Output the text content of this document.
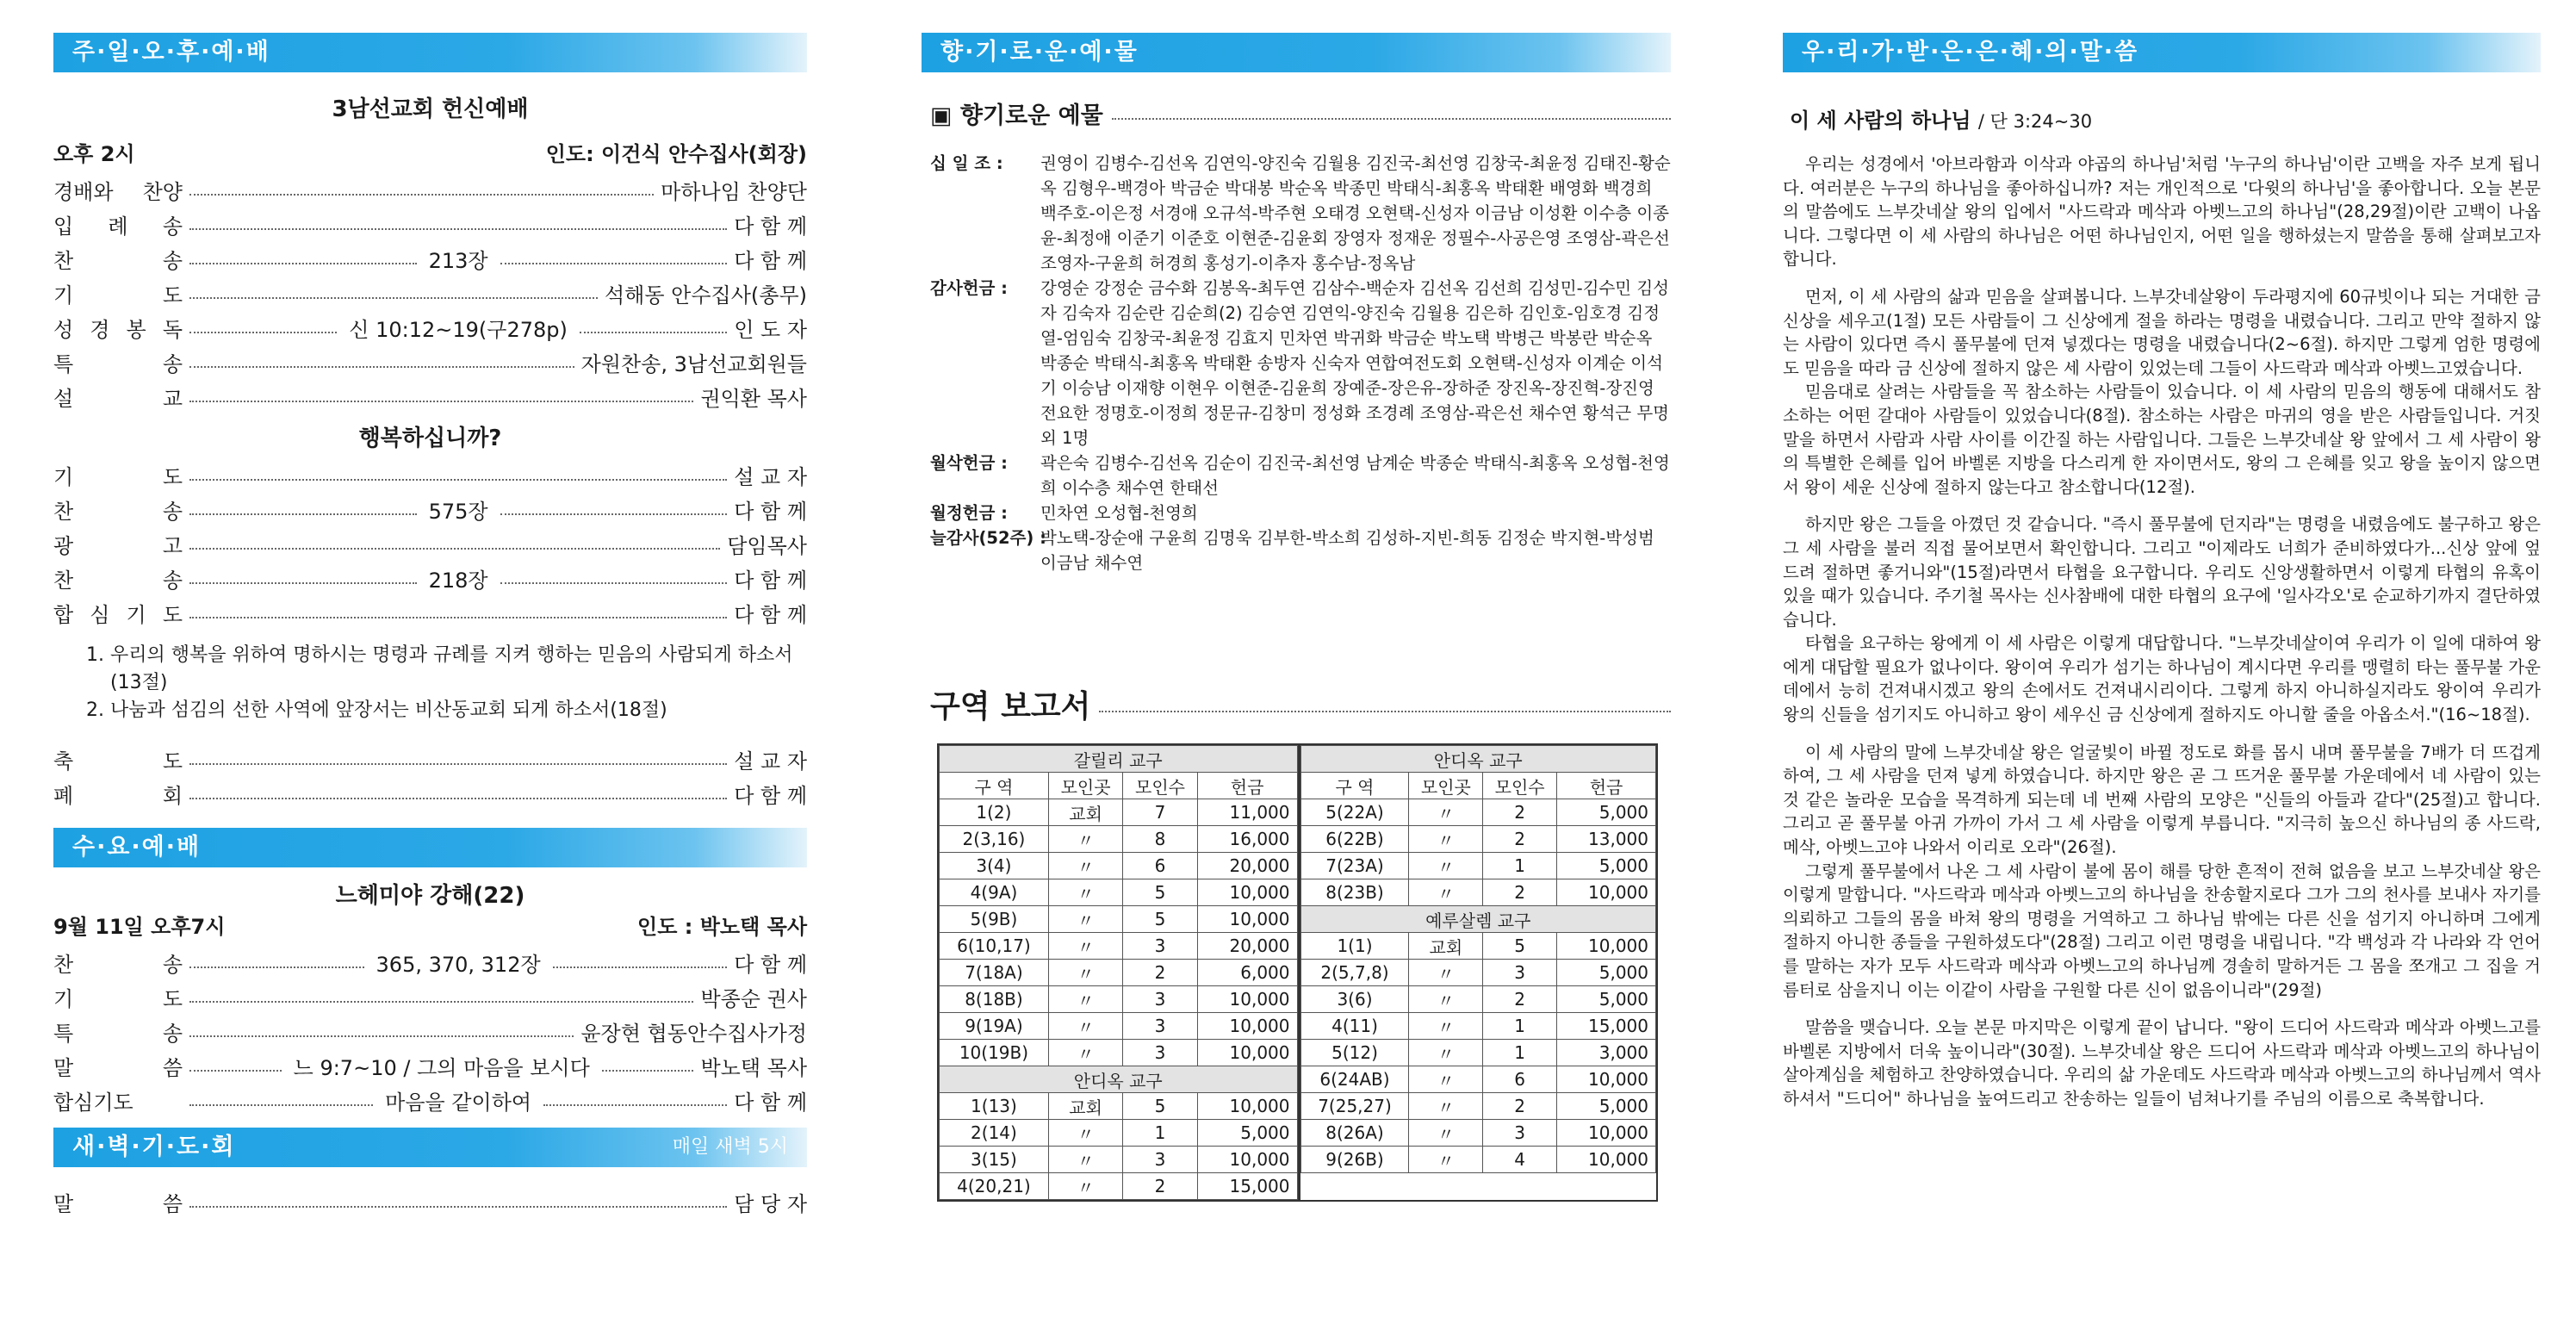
주·일·오·후·예·배
3남선교회 헌신예배
오후 2시	인도: 이건식 안수집사(회장)
경배와 찬양	마하나임 찬양단
입 례 송	다 함 께
찬 송	213장	다 함 께
기 도	석해동 안수집사(총무)
성 경 봉 독	신 10:12~19(구278p)	인 도 자
특 송	자원찬송, 3남선교회원들
설 교	권익환 목사
행복하십니까?
기 도	설 교 자
찬 송	575장	다 함 께
광 고	담임목사
찬 송	218장	다 함 께
합 심 기 도	다 함 께
1. 우리의 행복을 위하여 명하시는 명령과 규례를 지켜 행하는 믿음의 사람되게 하소서(13절)
2. 나눔과 섬김의 선한 사역에 앞장서는 비산동교회 되게 하소서(18절)
축 도	설 교 자
폐 회	다 함 께
수·요·예·배
느헤미야 강해(22)
9월 11일 오후7시	인도 : 박노택 목사
찬 송	365, 370, 312장	다 함 께
기 도	박종순 권사
특 송	윤장현 협동안수집사가정
말 씀	느 9:7~10 / 그의 마음을 보시다	박노택 목사
합심기도	마음을 같이하여	다 함 께
새·벽·기·도·회	매일 새벽 5시
말 씀	담 당 자
향·기·로·운·예·물
▣ 향기로운 예물
십 일 조 :	권영이 김병수-김선옥 김연익-양진숙 김월용 김진국-최선영 김창국-최윤정 김태진-황순옥 김형우-백경아 박금순 박대봉 박순옥 박종민 박태식-최홍옥 박태환 배영화 백경희 백주호-이은정 서경애 오규석-박주현 오태경 오현택-신성자 이금남 이성환 이수층 이종윤-최정애 이준기 이준호 이현준-김윤회 장영자 정재운 정필수-사공은영 조영삼-곽은선 조영자-구윤희 허경희 홍성기-이추자 홍수남-정옥남
감사헌금 :	강영순 강정순 금수화 김봉옥-최두연 김삼수-백순자 김선옥 김선희 김성민-김수민 김성자 김숙자 김순란 김순희(2) 김승연 김연익-양진숙 김월용 김은하 김인호-임호경 김정열-엄임숙 김창국-최윤정 김효지 민차연 박귀화 박금순 박노택 박병근 박봉란 박순옥 박종순 박태식-최홍옥 박태환 송방자 신숙자 연합여전도회 오현택-신성자 이계순 이석기 이승남 이재향 이현우 이현준-김윤희 장예준-장은유-장하준 장진옥-장진혁-장진영 전요한 정명호-이정희 정문규-김창미 정성화 조경례 조영삼-곽은선 채수연 황석근 무명 외 1명
월삭헌금 :	곽은숙 김병수-김선옥 김순이 김진국-최선영 남계순 박종순 박태식-최홍옥 오성협-천영희 이수층 채수연 한태선
월정헌금 :	민차연 오성협-천영희
늘감사(52주) :
박노택-장순애 구윤희 김명욱 김부한-박소희 김성하-지빈-희동 김정순 박지현-박성범 이금남 채수연
구역 보고서
갈릴리 교구			
구 역	모인곳	모인수	헌금
1(2)	교회	7	11,000
2(3,16)	〃	8	16,000
3(4)	〃	6	20,000
4(9A)	〃	5	10,000
5(9B)	〃	5	10,000
6(10,17)	〃	3	20,000
7(18A)	〃	2	6,000
8(18B)	〃	3	10,000
9(19A)	〃	3	10,000
10(19B)	〃	3	10,000
안디옥 교구			
1(13)	교회	5	10,000
2(14)	〃	1	5,000
3(15)	〃	3	10,000
4(20,21)	〃	2	15,000
안디옥 교구			
구 역	모인곳	모인수	헌금
5(22A)	〃	2	5,000
6(22B)	〃	2	13,000
7(23A)	〃	1	5,000
8(23B)	〃	2	10,000
예루살렘 교구			
1(1)	교회	5	10,000
2(5,7,8)	〃	3	5,000
3(6)	〃	2	5,000
4(11)	〃	1	15,000
5(12)	〃	1	3,000
6(24AB)	〃	6	10,000
7(25,27)	〃	2	5,000
8(26A)	〃	3	10,000
9(26B)	〃	4	10,000
우·리·가·받·은·은·혜·의·말·씀
이 세 사람의 하나님 / 단 3:24~30

우리는 성경에서 '아브라함과 이삭과 야곱의 하나님'처럼 '누구의 하나님'이란 고백을 자주 보게 됩니다. 여러분은 누구의 하나님을 좋아하십니까? 저는 개인적으로 '다윗의 하나님'을 좋아합니다. 오늘 본문의 말씀에도 느부갓네살 왕의 입에서 "사드락과 메삭과 아벳느고의 하나님"(28,29절)이란 고백이 나옵니다. 그렇다면 이 세 사람의 하나님은 어떤 하나님인지, 어떤 일을 행하셨는지 말씀을 통해 살펴보고자 합니다.

먼저, 이 세 사람의 삶과 믿음을 살펴봅니다. 느부갓네살왕이 두라평지에 60규빗이나 되는 거대한 금 신상을 세우고(1절) 모든 사람들이 그 신상에게 절을 하라는 명령을 내렸습니다. 그리고 만약 절하지 않는 사람이 있다면 즉시 풀무불에 던져 넣겠다는 명령을 내렸습니다(2~6절). 하지만 그렇게 엄한 명령에도 믿음을 따라 금 신상에 절하지 않은 세 사람이 있었는데 그들이 사드락과 메삭과 아벳느고였습니다.

믿음대로 살려는 사람들을 꼭 참소하는 사람들이 있습니다. 이 세 사람의 믿음의 행동에 대해서도 참소하는 어떤 갈대아 사람들이 있었습니다(8절). 참소하는 사람은 마귀의 영을 받은 사람들입니다. 거짓말을 하면서 사람과 사람 사이를 이간질 하는 사람입니다. 그들은 느부갓네살 왕 앞에서 그 세 사람이 왕의 특별한 은혜를 입어 바벨론 지방을 다스리게 한 자이면서도, 왕의 그 은혜를 잊고 왕을 높이지 않으면서 왕이 세운 신상에 절하지 않는다고 참소합니다(12절).

하지만 왕은 그들을 아꼈던 것 같습니다. "즉시 풀무불에 던지라"는 명령을 내렸음에도 불구하고 왕은 그 세 사람을 불러 직접 물어보면서 확인합니다. 그리고 "이제라도 너희가 준비하였다가...신상 앞에 엎드려 절하면 좋거니와"(15절)라면서 타협을 요구합니다. 우리도 신앙생활하면서 이렇게 타협의 유혹이 있을 때가 있습니다. 주기철 목사는 신사참배에 대한 타협의 요구에 '일사각오'로 순교하기까지 결단하였습니다.

타협을 요구하는 왕에게 이 세 사람은 이렇게 대답합니다. "느부갓네살이여 우리가 이 일에 대하여 왕에게 대답할 필요가 없나이다. 왕이여 우리가 섬기는 하나님이 계시다면 우리를 맹렬히 타는 풀무불 가운데에서 능히 건져내시겠고 왕의 손에서도 건져내시리이다. 그렇게 하지 아니하실지라도 왕이여 우리가 왕의 신들을 섬기지도 아니하고 왕이 세우신 금 신상에게 절하지도 아니할 줄을 아옵소서."(16~18절).

이 세 사람의 말에 느부갓네살 왕은 얼굴빛이 바뀔 정도로 화를 몹시 내며 풀무불을 7배가 더 뜨겁게 하여, 그 세 사람을 던져 넣게 하였습니다. 하지만 왕은 곧 그 뜨거운 풀무불 가운데에서 네 사람이 있는 것 같은 놀라운 모습을 목격하게 되는데 네 번째 사람의 모양은 "신들의 아들과 같다"(25절)고 합니다. 그리고 곧 풀무불 아귀 가까이 가서 그 세 사람을 이렇게 부릅니다. "지극히 높으신 하나님의 종 사드락, 메삭, 아벳느고야 나와서 이리로 오라"(26절).

그렇게 풀무불에서 나온 그 세 사람이 불에 몸이 해를 당한 흔적이 전혀 없음을 보고 느부갓네살 왕은 이렇게 말합니다. "사드락과 메삭과 아벳느고의 하나님을 찬송할지로다 그가 그의 천사를 보내사 자기를 의뢰하고 그들의 몸을 바쳐 왕의 명령을 거역하고 그 하나님 밖에는 다른 신을 섬기지 아니하며 그에게 절하지 아니한 종들을 구원하셨도다"(28절) 그리고 이런 명령을 내립니다. "각 백성과 각 나라와 각 언어를 말하는 자가 모두 사드락과 메삭과 아벳느고의 하나님께 경솔히 말하거든 그 몸을 쪼개고 그 집을 거름터로 삼을지니 이는 이같이 사람을 구원할 다른 신이 없음이니라"(29절)

말씀을 맺습니다. 오늘 본문 마지막은 이렇게 끝이 납니다. "왕이 드디어 사드락과 메삭과 아벳느고를 바벨론 지방에서 더욱 높이니라"(30절). 느부갓네살 왕은 드디어 사드락과 메삭과 아벳느고의 하나님이 살아계심을 체험하고 찬양하였습니다. 우리의 삶 가운데도 사드락과 메삭과 아벳느고의 하나님께서 역사하셔서 "드디어" 하나님을 높여드리고 찬송하는 일들이 넘쳐나기를 주님의 이름으로 축복합니다.
